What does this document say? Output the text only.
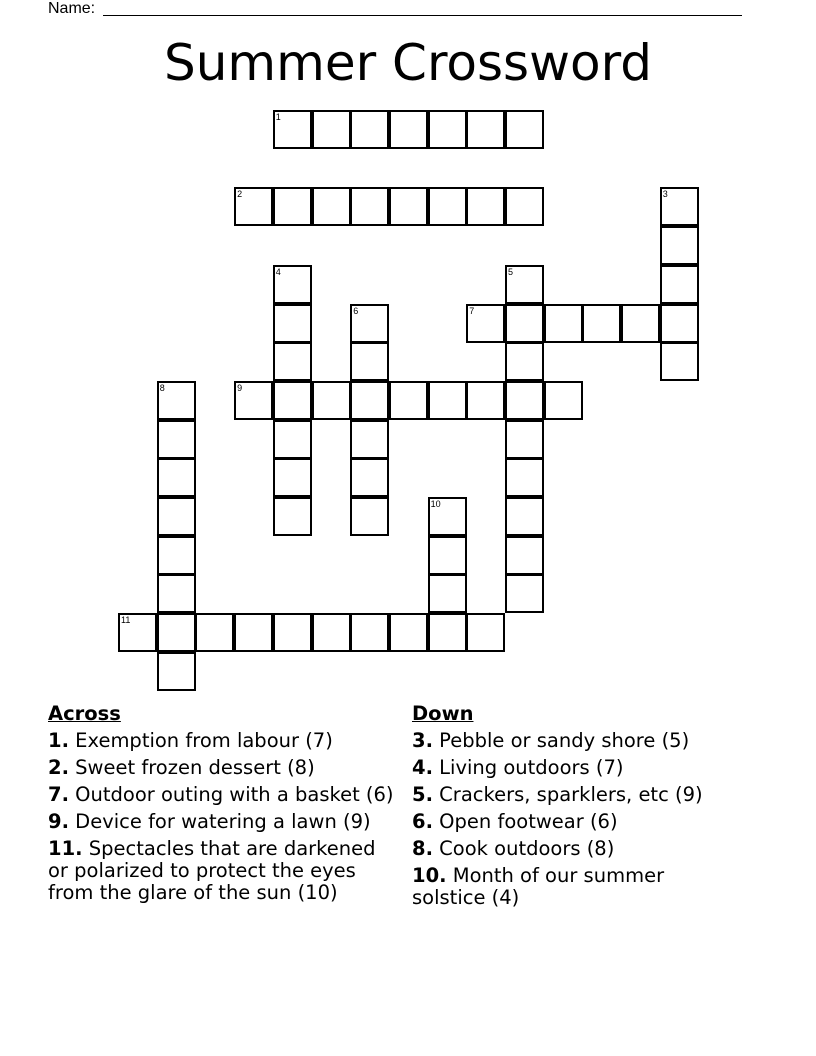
Name:
Summer Crossword
1
2	3
4	5
6	7
8	9
10
11
Across
1. Exemption from labour (7)
2. Sweet frozen dessert (8)
7. Outdoor outing with a basket (6)
9. Device for watering a lawn (9)
11. Spectacles that are darkened or polarized to protect the eyes from the glare of the sun (10)
Down
3. Pebble or sandy shore (5)
4. Living outdoors (7)
5. Crackers, sparklers, etc (9)
6. Open footwear (6)
8. Cook outdoors (8)
10. Month of our summer solstice (4)
